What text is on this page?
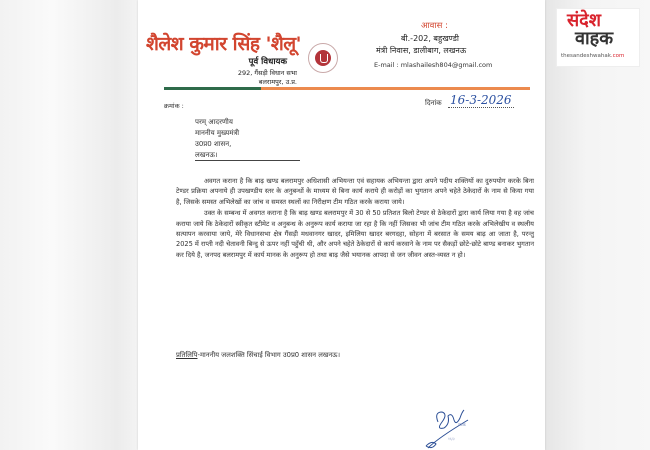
शैलेश कुमार सिंह 'शैलू'
पूर्व विधायक
292, गैंसड़ी विधान सभा
बलरामपुर, उ.प्र.
आवास :
बी.-202, बहुखण्डी
मंत्री निवास, डालीबाग, लखनऊ
E-mail : mlashailesh804@gmail.com
क्रमांक :	दिनांक 16-3-2026
परम् आदरणीय
माननीय मुख्यमंत्री
उ0प्र0 शासन,
लखनऊ।

अवगत कराना है कि बाढ़ खण्ड बलरामपुर अधिशासी अभियन्ता एवं सहायक अभियन्ता द्वारा अपने पदीय शक्तियों का दुरुपयोग करके बिना टेण्डर प्रक्रिया अपनाये ही उपखण्डीय स्तर के अनुबन्धों के माध्यम से बिना कार्य कराये ही करोड़ों का भुगतान अपने चहेते ठेकेदारों के नाम से किया गया है, जिसके समस्त अभिलेखों का जांच व समस्त स्थलों का निरीक्षण टीम गठित करके कराया जाये।

उक्त के सम्बन्ध में अवगत कराना है कि बाढ़ खण्ड बलरामपुर में 30 से 50 प्रतिशत बिलो टेण्डर से ठेकेदारों द्वारा कार्य लिया गया है वह जांच कराया जाये कि ठेकेदारों स्वीकृत स्टीमेट व अनुबन्ध के अनुरूप कार्य कराया जा रहा है कि नहीं जिसका भी जांच टीम गठित करके अभिलेखीय व स्थलीय सत्यापन करवाया जाये, मेरे विधानसभा क्षेत्र गैंसड़ी मधवानगर खादर, इमिलिया खादर बरगदहा, सोहना में बरसात के समय बाढ़ आ जाता है, परन्तु 2025 में राप्ती नदी चेतावनी बिन्दु से ऊपर नहीं पहुँची थी, और अपने चहेते ठेकेदारों से कार्य करवाने के नाम पर सैकड़ों छोटे-छोटे बाण्ड बनाकर भुगतान कर दिये है, जनपद बलरामपुर में कार्य मानक के अनुरूप हो तथा बाढ़ जैसे भयानक आपदा से जन जीवन अस्त-व्यस्त न हो।

प्रतिलिपि-माननीय जलशक्ति सिंचाई विभाग उ0प्र0 शासन लखनऊ।
ऱ्याक
१६/३
संदेश
वाहक
thesandeshwahak.com
